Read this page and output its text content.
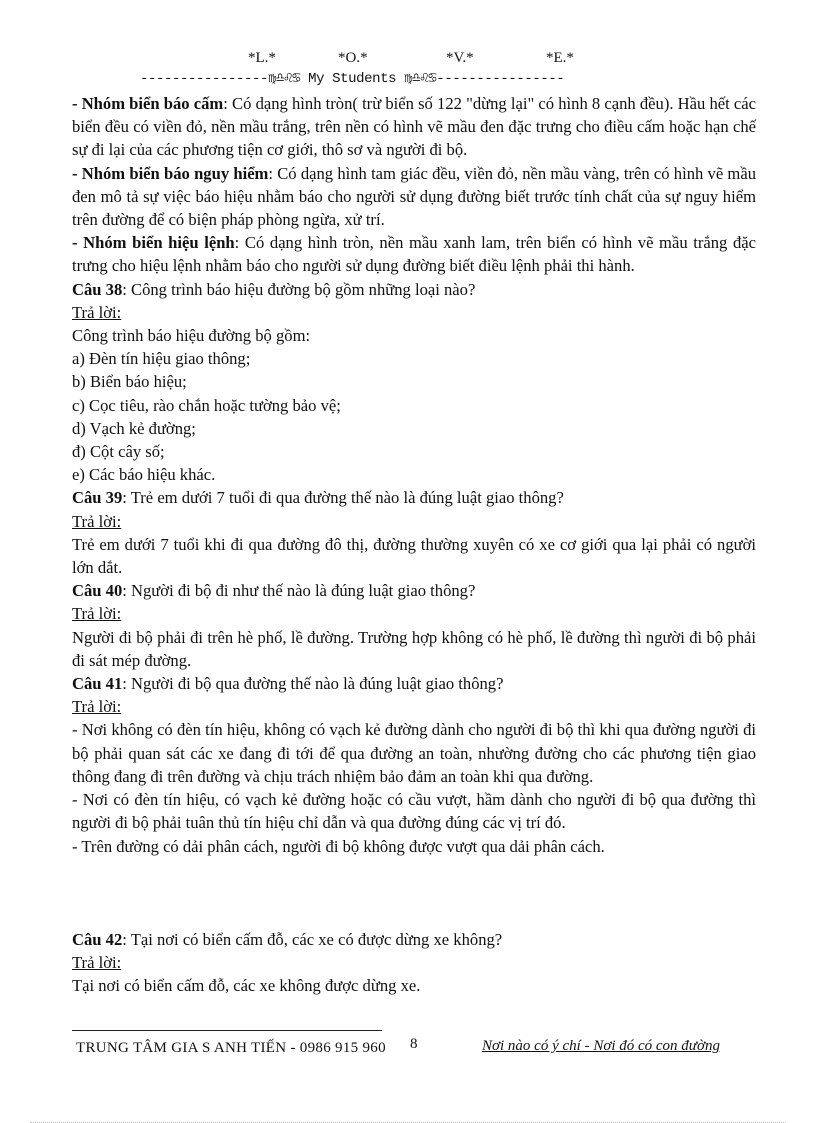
*L.*	*O.*	*V.*	*E.*
----------------♍♎♌♋ My Students ♍♎♌♋----------------

- Nhóm biển báo cấm: Có dạng hình tròn( trừ biển số 122 "dừng lại" có hình 8 cạnh đều). Hầu hết các biển đều có viền đỏ, nền mầu trắng, trên nền có hình vẽ mầu đen đặc trưng cho điều cấm hoặc hạn chế sự đi lại của các phương tiện cơ giới, thô sơ và người đi bộ.

- Nhóm biển báo nguy hiểm: Có dạng hình tam giác đều, viền đỏ, nền mầu vàng, trên có hình vẽ mầu đen mô tả sự việc báo hiệu nhằm báo cho người sử dụng đường biết trước tính chất của sự nguy hiểm trên đường để có biện pháp phòng ngừa, xử trí.

- Nhóm biển hiệu lệnh: Có dạng hình tròn, nền mầu xanh lam, trên biển có hình vẽ mầu trắng đặc trưng cho hiệu lệnh nhằm báo cho người sử dụng đường biết điều lệnh phải thi hành.

Câu 38: Công trình báo hiệu đường bộ gồm những loại nào?

Trả lời:

Công trình báo hiệu đường bộ gồm:

a) Đèn tín hiệu giao thông;

b) Biển báo hiệu;

c) Cọc tiêu, rào chắn hoặc tường bảo vệ;

d) Vạch kẻ đường;

đ) Cột cây số;

e) Các báo hiệu khác.

Câu 39: Trẻ em dưới 7 tuổi đi qua đường thế nào là đúng luật giao thông?

Trả lời:

Trẻ em dưới 7 tuổi khi đi qua đường đô thị, đường thường xuyên có xe cơ giới qua lại phải có người lớn dắt.

Câu 40: Người đi bộ đi như thế nào là đúng luật giao thông?

Trả lời:

Người đi bộ phải đi trên hè phố, lề đường. Trường hợp không có hè phố, lề đường thì người đi bộ phải đi sát mép đường.

Câu 41: Người đi bộ qua đường thế nào là đúng luật giao thông?

Trả lời:

- Nơi không có đèn tín hiệu, không có vạch kẻ đường dành cho người đi bộ thì khi qua đường người đi bộ phải quan sát các xe đang đi tới để qua đường an toàn, nhường đường cho các phương tiện giao thông đang đi trên đường và chịu trách nhiệm bảo đảm an toàn khi qua đường.

- Nơi có đèn tín hiệu, có vạch kẻ đường hoặc có cầu vượt, hầm dành cho người đi bộ qua đường thì người đi bộ phải tuân thủ tín hiệu chỉ dẫn và qua đường đúng các vị trí đó.

- Trên đường có dải phân cách, người đi bộ không được vượt qua dải phân cách.

Câu 42: Tại nơi có biển cấm đỗ, các xe có được dừng xe không?

Trả lời:

Tại nơi có biển cấm đỗ, các xe không được dừng xe.

TRUNG TÂM GIA S ANH TIẾN - 0986 915 960 8	Nơi nào có ý chí - Nơi đó có con đường
